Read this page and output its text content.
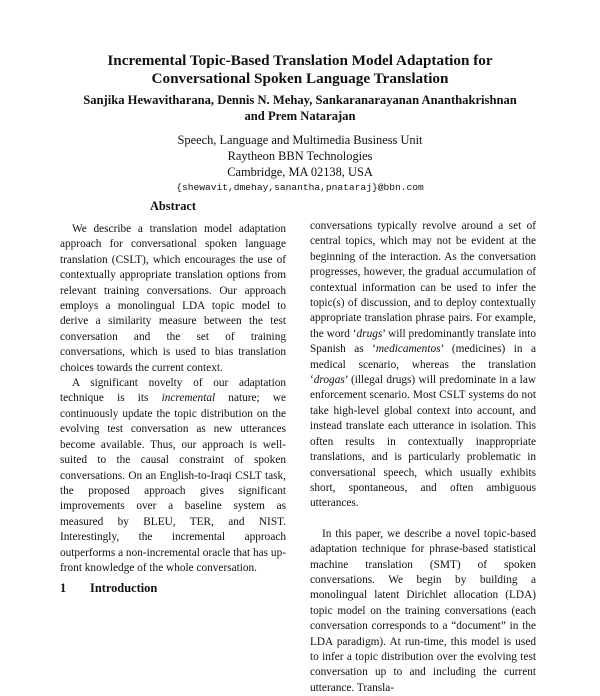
Incremental Topic-Based Translation Model Adaptation for
Conversational Spoken Language Translation
Sanjika Hewavitharana, Dennis N. Mehay, Sankaranarayanan Ananthakrishnan
and Prem Natarajan
Speech, Language and Multimedia Business Unit
Raytheon BBN Technologies
Cambridge, MA 02138, USA
{shewavit,dmehay,sanantha,pnataraj}@bbn.com
Abstract

We describe a translation model adaptation approach for conversational spoken language translation (CSLT), which encourages the use of contextually appropriate translation options from relevant training conversations. Our approach employs a monolingual LDA topic model to derive a similarity measure between the test conversation and the set of training conversations, which is used to bias translation choices towards the current context.

A significant novelty of our adaptation technique is its incremental nature; we continuously update the topic distribution on the evolving test conversation as new utterances become available. Thus, our approach is well-suited to the causal constraint of spoken conversations. On an English-to-Iraqi CSLT task, the proposed approach gives significant improvements over a baseline system as measured by BLEU, TER, and NIST. Interestingly, the incremental approach outperforms a non-incremental oracle that has up-front knowledge of the whole conversation.

1 Introduction

conversations typically revolve around a set of central topics, which may not be evident at the beginning of the interaction. As the conversation progresses, however, the gradual accumulation of contextual information can be used to infer the topic(s) of discussion, and to deploy contextually appropriate translation phrase pairs. For example, the word ‘drugs’ will predominantly translate into Spanish as ‘medicamentos’ (medicines) in a medical scenario, whereas the translation ‘drogas’ (illegal drugs) will predominate in a law enforcement scenario. Most CSLT systems do not take high-level global context into account, and instead translate each utterance in isolation. This often results in contextually inappropriate translations, and is particularly problematic in conversational speech, which usually exhibits short, spontaneous, and often ambiguous utterances.

In this paper, we describe a novel topic-based adaptation technique for phrase-based statistical machine translation (SMT) of spoken conversations. We begin by building a monolingual latent Dirichlet allocation (LDA) topic model on the training conversations (each conversation corresponds to a “document” in the LDA paradigm). At run-time, this model is used to infer a topic distribution over the evolving test conversation up to and including the current utterance. Transla-
